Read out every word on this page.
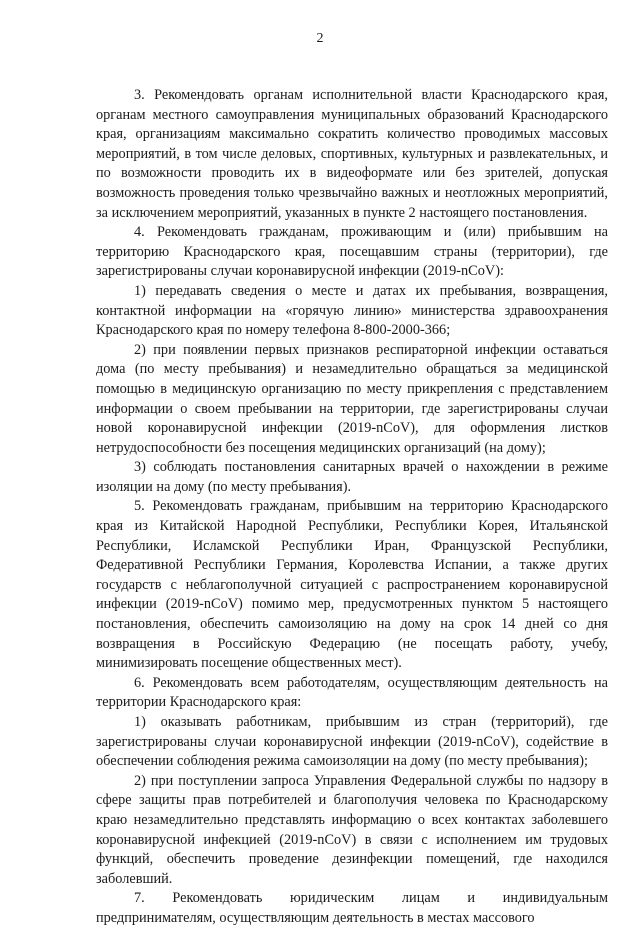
2

3. Рекомендовать органам исполнительной власти Краснодарского края, органам местного самоуправления муниципальных образований Краснодарского края, организациям максимально сократить количество проводимых массовых мероприятий, в том числе деловых, спортивных, культурных и развлекательных, и по возможности проводить их в видеоформате или без зрителей, допуская возможность проведения только чрезвычайно важных и неотложных мероприятий, за исключением мероприятий, указанных в пункте 2 настоящего постановления.

4. Рекомендовать гражданам, проживающим и (или) прибывшим на территорию Краснодарского края, посещавшим страны (территории), где зарегистрированы случаи коронавирусной инфекции (2019-nCoV):

1) передавать сведения о месте и датах их пребывания, возвращения, контактной информации на «горячую линию» министерства здравоохранения Краснодарского края по номеру телефона 8-800-2000-366;

2) при появлении первых признаков респираторной инфекции оставаться дома (по месту пребывания) и незамедлительно обращаться за медицинской помощью в медицинскую организацию по месту прикрепления с представлением информации о своем пребывании на территории, где зарегистрированы случаи новой коронавирусной инфекции (2019-nCoV), для оформления листков нетрудоспособности без посещения медицинских организаций (на дому);

3) соблюдать постановления санитарных врачей о нахождении в режиме изоляции на дому (по месту пребывания).

5. Рекомендовать гражданам, прибывшим на территорию Краснодарского края из Китайской Народной Республики, Республики Корея, Итальянской Республики, Исламской Республики Иран, Французской Республики, Федеративной Республики Германия, Королевства Испании, а также других государств с неблагополучной ситуацией с распространением коронавирусной инфекции (2019-nCoV) помимо мер, предусмотренных пунктом 5 настоящего постановления, обеспечить самоизоляцию на дому на срок 14 дней со дня возвращения в Российскую Федерацию (не посещать работу, учебу, минимизировать посещение общественных мест).

6. Рекомендовать всем работодателям, осуществляющим деятельность на территории Краснодарского края:

1) оказывать работникам, прибывшим из стран (территорий), где зарегистрированы случаи коронавирусной инфекции (2019-nCoV), содействие в обеспечении соблюдения режима самоизоляции на дому (по месту пребывания);

2) при поступлении запроса Управления Федеральной службы по надзору в сфере защиты прав потребителей и благополучия человека по Краснодарскому краю незамедлительно представлять информацию о всех контактах заболевшего коронавирусной инфекцией (2019-nCoV) в связи с исполнением им трудовых функций, обеспечить проведение дезинфекции помещений, где находился заболевший.

7. Рекомендовать юридическим лицам и индивидуальным предпринимателям, осуществляющим деятельность в местах массового
